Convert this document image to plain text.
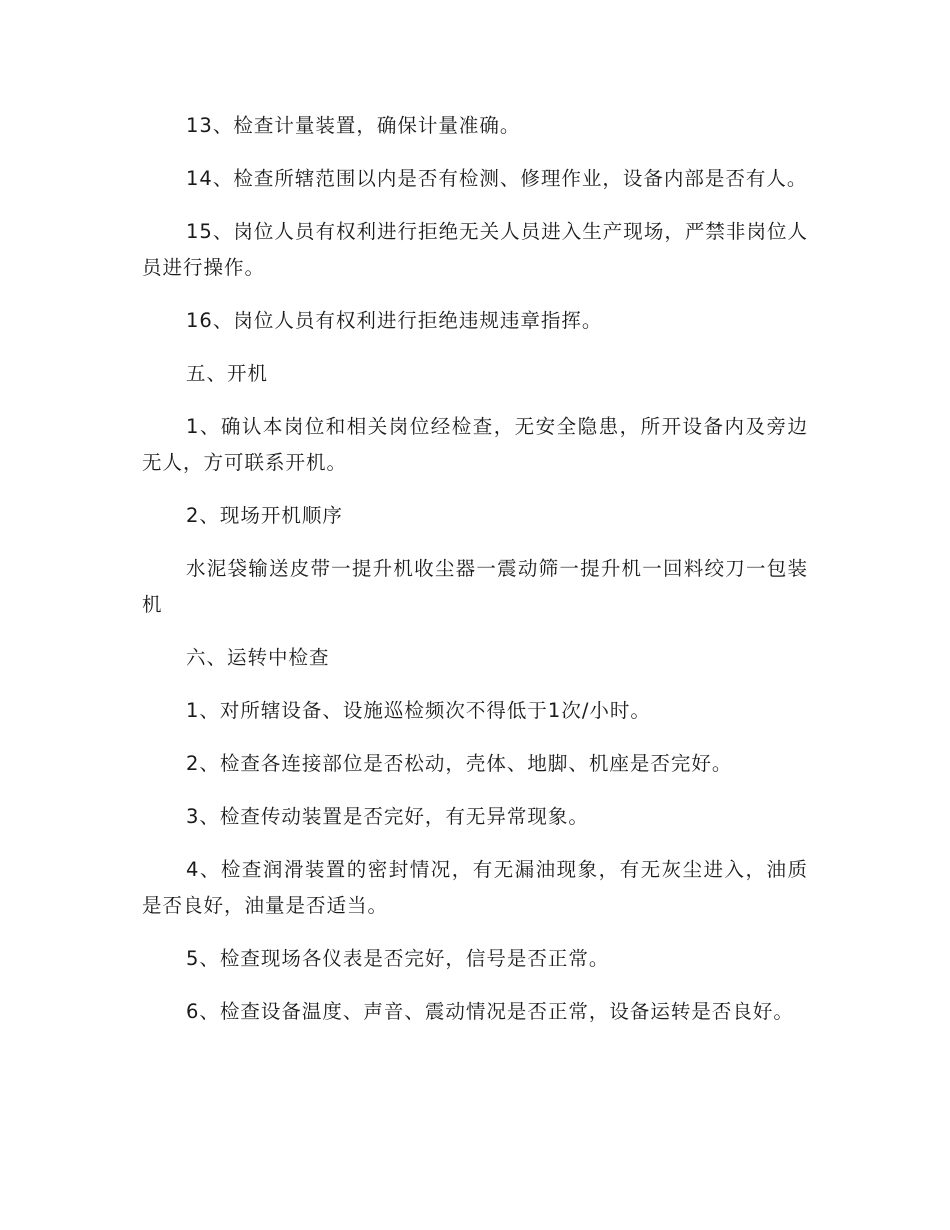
13、检查计量装置，确保计量准确。

14、检查所辖范围以内是否有检测、修理作业，设备内部是否有人。

15、岗位人员有权利进行拒绝无关人员进入生产现场，严禁非岗位人员进行操作。

16、岗位人员有权利进行拒绝违规违章指挥。

五、开机

1、确认本岗位和相关岗位经检查，无安全隐患，所开设备内及旁边无人，方可联系开机。

2、现场开机顺序

水泥袋输送皮带一提升机收尘器一震动筛一提升机一回料绞刀一包装机

六、运转中检查

1、对所辖设备、设施巡检频次不得低于1次/小时。

2、检查各连接部位是否松动，壳体、地脚、机座是否完好。

3、检查传动装置是否完好，有无异常现象。

4、检查润滑装置的密封情况，有无漏油现象，有无灰尘进入，油质是否良好，油量是否适当。

5、检查现场各仪表是否完好，信号是否正常。

6、检查设备温度、声音、震动情况是否正常，设备运转是否良好。
